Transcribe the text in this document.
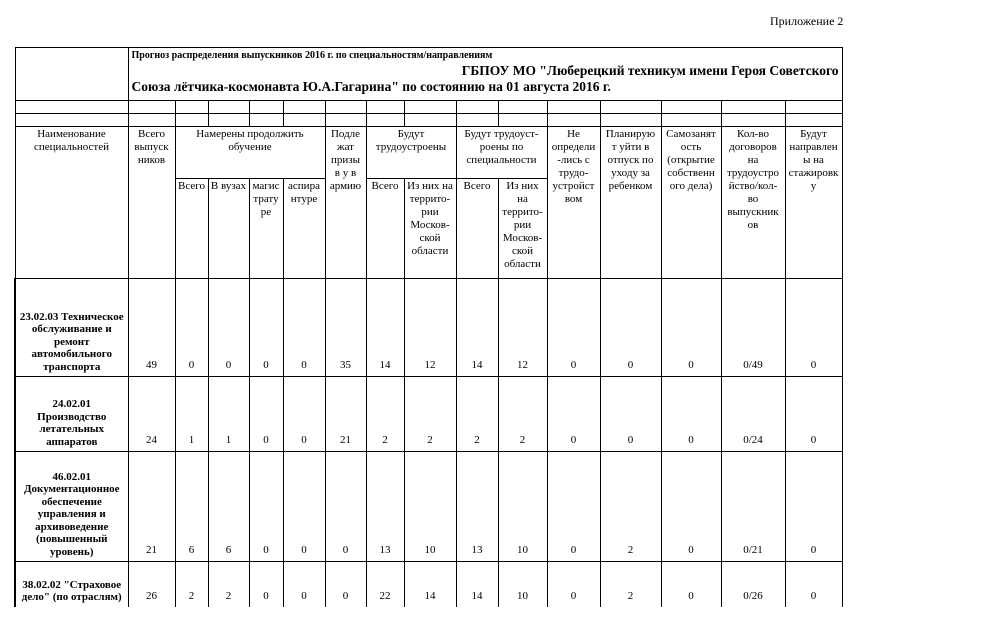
Приложение 2

	Прогноз распределения выпускников 2016 г. по специальностям/направлениям
ГБПОУ МО "Люберецкий техникум имени Героя Советского
Союза лётчика-космонавта Ю.А.Гагарина" по состоянию на 01 августа 2016 г.														

Наименование специальностей	Всего выпуск ников	Намерены продолжить обучение				Подле жат призы в у в армию	Будут трудоустроены		Будут трудоуст-роены по специальности		Не определи -лись с трудо-устройст вом	Планирую т уйти в отпуск по уходу за ребенком	Самозанят ость (открытие собственн ого дела)	Кол-во договоров на трудоустро йство/кол-во выпускник ов	Будут направлен ы на стажировк у
		Всего	В вузах	магис трату ре	аспира нтуре		Всего	Из них на террито-рии Москов-ской области	Всего	Из них на террито-рии Москов-ской области					
23.02.03 Техническое обслуживание и ремонт автомобильного транспорта	49	0	0	0	0	35	14	12	14	12	0	0	0	0/49	0
24.02.01 Производство летательных аппаратов	24	1	1	0	0	21	2	2	2	2	0	0	0	0/24	0
46.02.01 Документационное обеспечение управления и архивоведение (повышенный уровень)	21	6	6	0	0	0	13	10	13	10	0	2	0	0/21	0
38.02.02 "Страховое дело" (по отраслям)	26	2	2	0	0	0	22	14	14	10	0	2	0	0/26	0
